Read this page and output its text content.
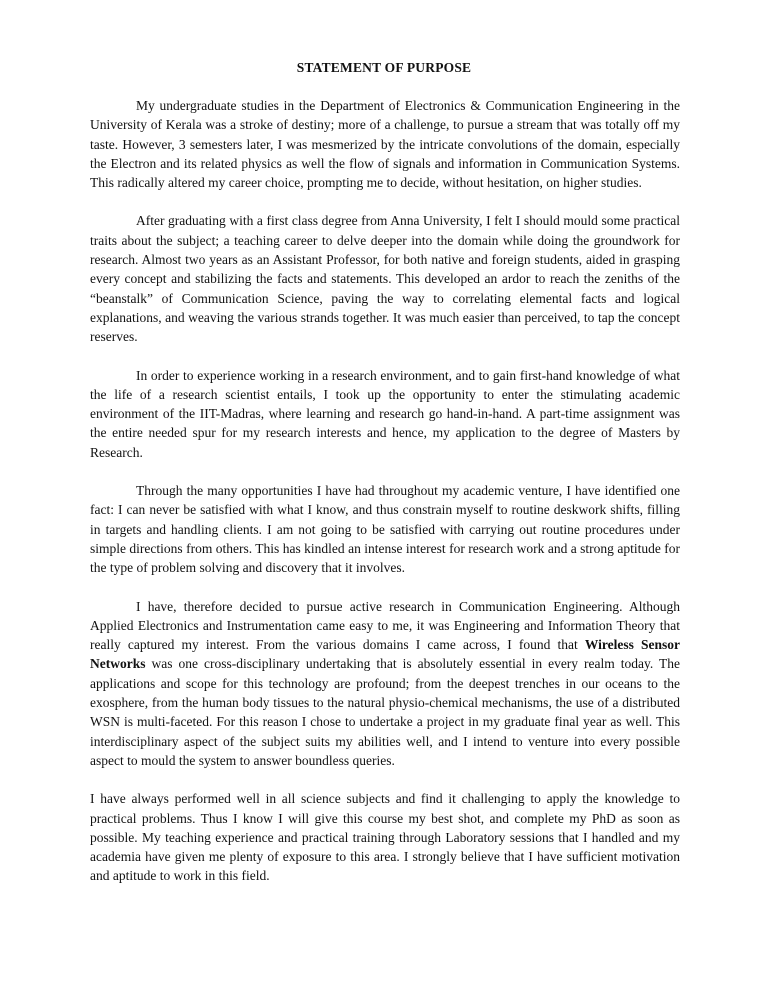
STATEMENT OF PURPOSE

My undergraduate studies in the Department of Electronics & Communication Engineering in the University of Kerala was a stroke of destiny; more of a challenge, to pursue a stream that was totally off my taste. However, 3 semesters later, I was mesmerized by the intricate convolutions of the domain, especially the Electron and its related physics as well the flow of signals and information in Communication Systems. This radically altered my career choice, prompting me to decide, without hesitation, on higher studies.

After graduating with a first class degree from Anna University, I felt I should mould some practical traits about the subject; a teaching career to delve deeper into the domain while doing the groundwork for research. Almost two years as an Assistant Professor, for both native and foreign students, aided in grasping every concept and stabilizing the facts and statements. This developed an ardor to reach the zeniths of the “beanstalk” of Communication Science, paving the way to correlating elemental facts and logical explanations, and weaving the various strands together. It was much easier than perceived, to tap the concept reserves.

In order to experience working in a research environment, and to gain first-hand knowledge of what the life of a research scientist entails, I took up the opportunity to enter the stimulating academic environment of the IIT-Madras, where learning and research go hand-in-hand. A part-time assignment was the entire needed spur for my research interests and hence, my application to the degree of Masters by Research.

Through the many opportunities I have had throughout my academic venture, I have identified one fact: I can never be satisfied with what I know, and thus constrain myself to routine deskwork shifts, filling in targets and handling clients. I am not going to be satisfied with carrying out routine procedures under simple directions from others. This has kindled an intense interest for research work and a strong aptitude for the type of problem solving and discovery that it involves.

I have, therefore decided to pursue active research in Communication Engineering. Although Applied Electronics and Instrumentation came easy to me, it was Engineering and Information Theory that really captured my interest. From the various domains I came across, I found that Wireless Sensor Networks was one cross-disciplinary undertaking that is absolutely essential in every realm today. The applications and scope for this technology are profound; from the deepest trenches in our oceans to the exosphere, from the human body tissues to the natural physio-chemical mechanisms, the use of a distributed WSN is multi-faceted. For this reason I chose to undertake a project in my graduate final year as well. This interdisciplinary aspect of the subject suits my abilities well, and I intend to venture into every possible aspect to mould the system to answer boundless queries.

I have always performed well in all science subjects and find it challenging to apply the knowledge to practical problems. Thus I know I will give this course my best shot, and complete my PhD as soon as possible. My teaching experience and practical training through Laboratory sessions that I handled and my academia have given me plenty of exposure to this area. I strongly believe that I have sufficient motivation and aptitude to work in this field.
